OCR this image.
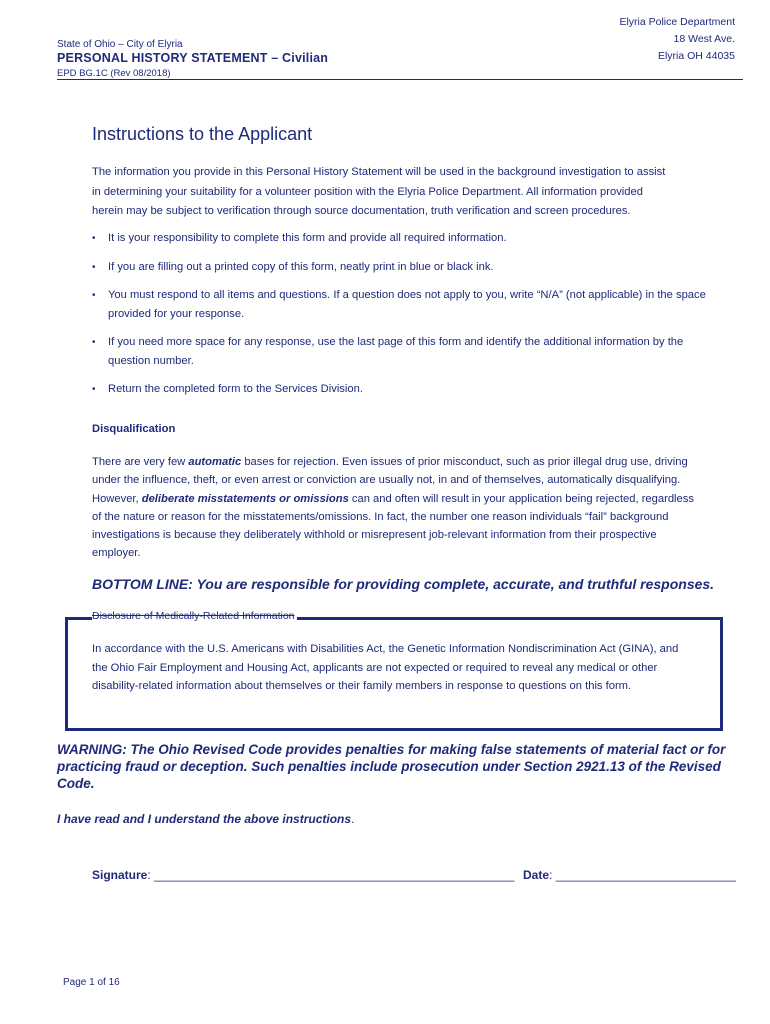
State of Ohio – City of Elyria
PERSONAL HISTORY STATEMENT – Civilian
EPD BG.1C (Rev 08/2018)
Elyria Police Department
18 West Ave.
Elyria OH 44035
Instructions to the Applicant
The information you provide in this Personal History Statement will be used in the background investigation to assist
in determining your suitability for a volunteer position with the Elyria Police Department. All information provided
herein may be subject to verification through source documentation, truth verification and screen procedures.
•	It is your responsibility to complete this form and provide all required information.
•	If you are filling out a printed copy of this form, neatly print in blue or black ink.
•	You must respond to all items and questions. If a question does not apply to you, write “N/A” (not applicable) in the space provided for your response.
•	If you need more space for any response, use the last page of this form and identify the additional information by the question number.
•	Return the completed form to the Services Division.
Disqualification
There are very few automatic bases for rejection. Even issues of prior misconduct, such as prior illegal drug use, driving under the influence, theft, or even arrest or conviction are usually not, in and of themselves, automatically disqualifying. However, deliberate misstatements or omissions can and often will result in your application being rejected, regardless of the nature or reason for the misstatements/omissions. In fact, the number one reason individuals “fail” background investigations is because they deliberately withhold or misrepresent job-relevant information from their prospective employer.
BOTTOM LINE: You are responsible for providing complete, accurate, and truthful responses.
Disclosure of Medically-Related Information
In accordance with the U.S. Americans with Disabilities Act, the Genetic Information Nondiscrimination Act (GINA), and the Ohio Fair Employment and Housing Act, applicants are not expected or required to reveal any medical or other disability-related information about themselves or their family members in response to questions on this form.
WARNING: The Ohio Revised Code provides penalties for making false statements of material fact or for practicing fraud or deception. Such penalties include prosecution under Section 2921.13 of the Revised Code.
I have read and I understand the above instructions.
Signature: ______________________________________________________ Date: ___________________________
Page 1 of 16
